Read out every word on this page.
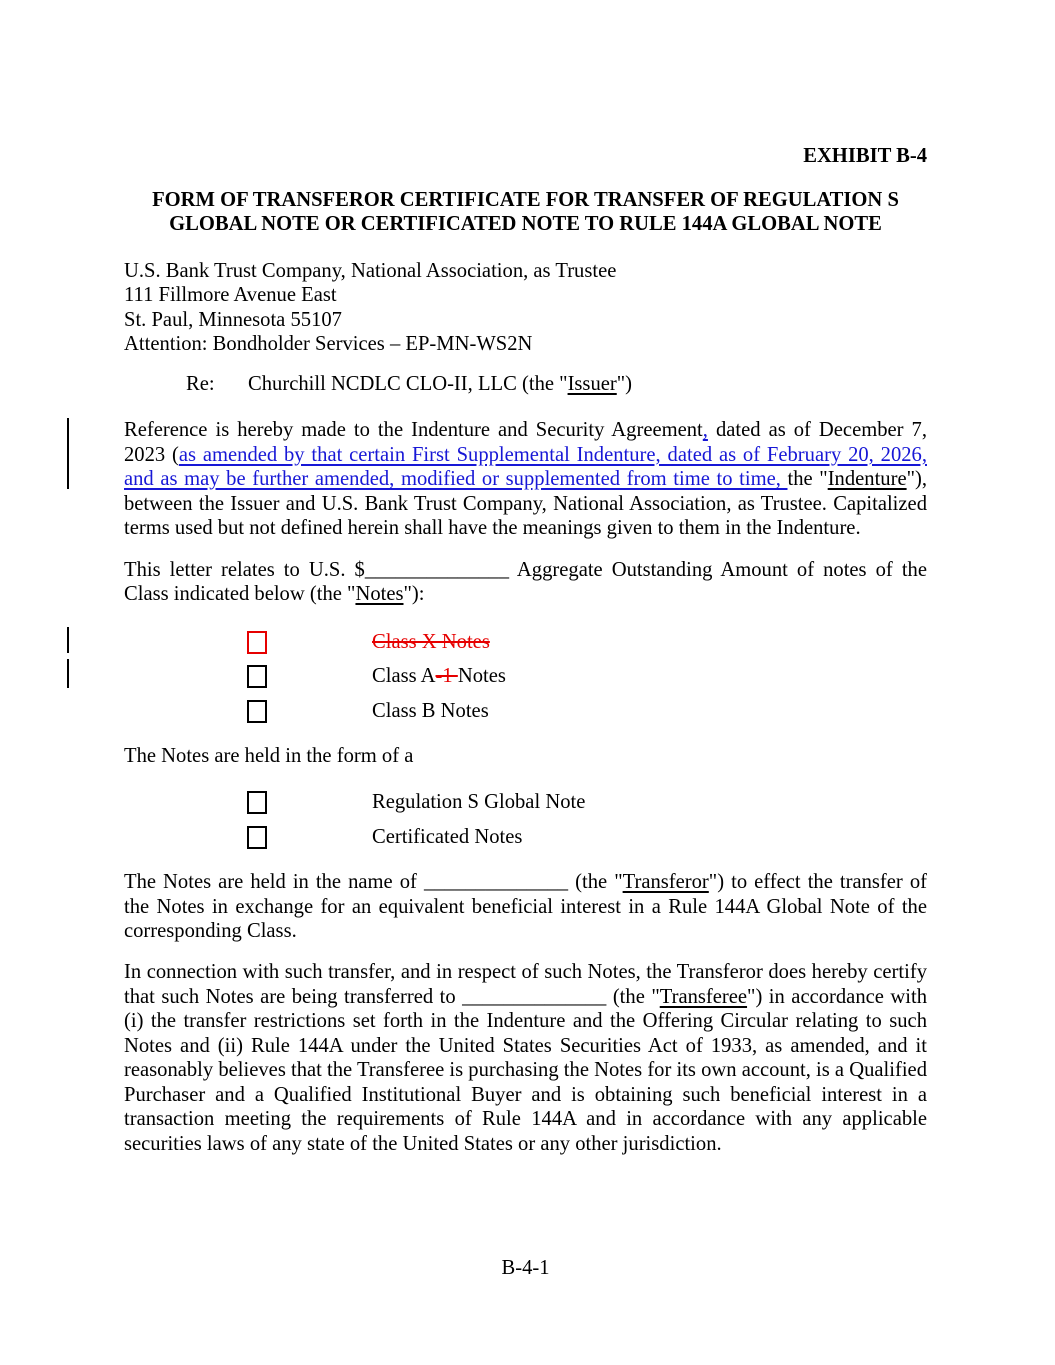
EXHIBIT B-4
FORM OF TRANSFEROR CERTIFICATE FOR TRANSFER OF REGULATION S
GLOBAL NOTE OR CERTIFICATED NOTE TO RULE 144A GLOBAL NOTE
U.S. Bank Trust Company, National Association, as Trustee
111 Fillmore Avenue East
St. Paul, Minnesota 55107
Attention: Bondholder Services – EP-MN-WS2N
Re: Churchill NCDLC CLO-II, LLC (the "Issuer")

Reference is hereby made to the Indenture and Security Agreement, dated as of December 7, 2023 (as amended by that certain First Supplemental Indenture, dated as of February 20, 2026, and as may be further amended, modified or supplemented from time to time, the "Indenture"), between the Issuer and U.S. Bank Trust Company, National Association, as Trustee. Capitalized terms used but not defined herein shall have the meanings given to them in the Indenture.

This letter relates to U.S. $______________ Aggregate Outstanding Amount of notes of the Class indicated below (the "Notes"):

Class X Notes
Class A-1 Notes
Class B Notes
The Notes are held in the form of a
Regulation S Global Note
Certificated Notes

The Notes are held in the name of ______________ (the "Transferor") to effect the transfer of the Notes in exchange for an equivalent beneficial interest in a Rule 144A Global Note of the corresponding Class.

In connection with such transfer, and in respect of such Notes, the Transferor does hereby certify that such Notes are being transferred to ______________ (the "Transferee") in accordance with (i) the transfer restrictions set forth in the Indenture and the Offering Circular relating to such Notes and (ii) Rule 144A under the United States Securities Act of 1933, as amended, and it reasonably believes that the Transferee is purchasing the Notes for its own account, is a Qualified Purchaser and a Qualified Institutional Buyer and is obtaining such beneficial interest in a transaction meeting the requirements of Rule 144A and in accordance with any applicable securities laws of any state of the United States or any other jurisdiction.

B-4-1
